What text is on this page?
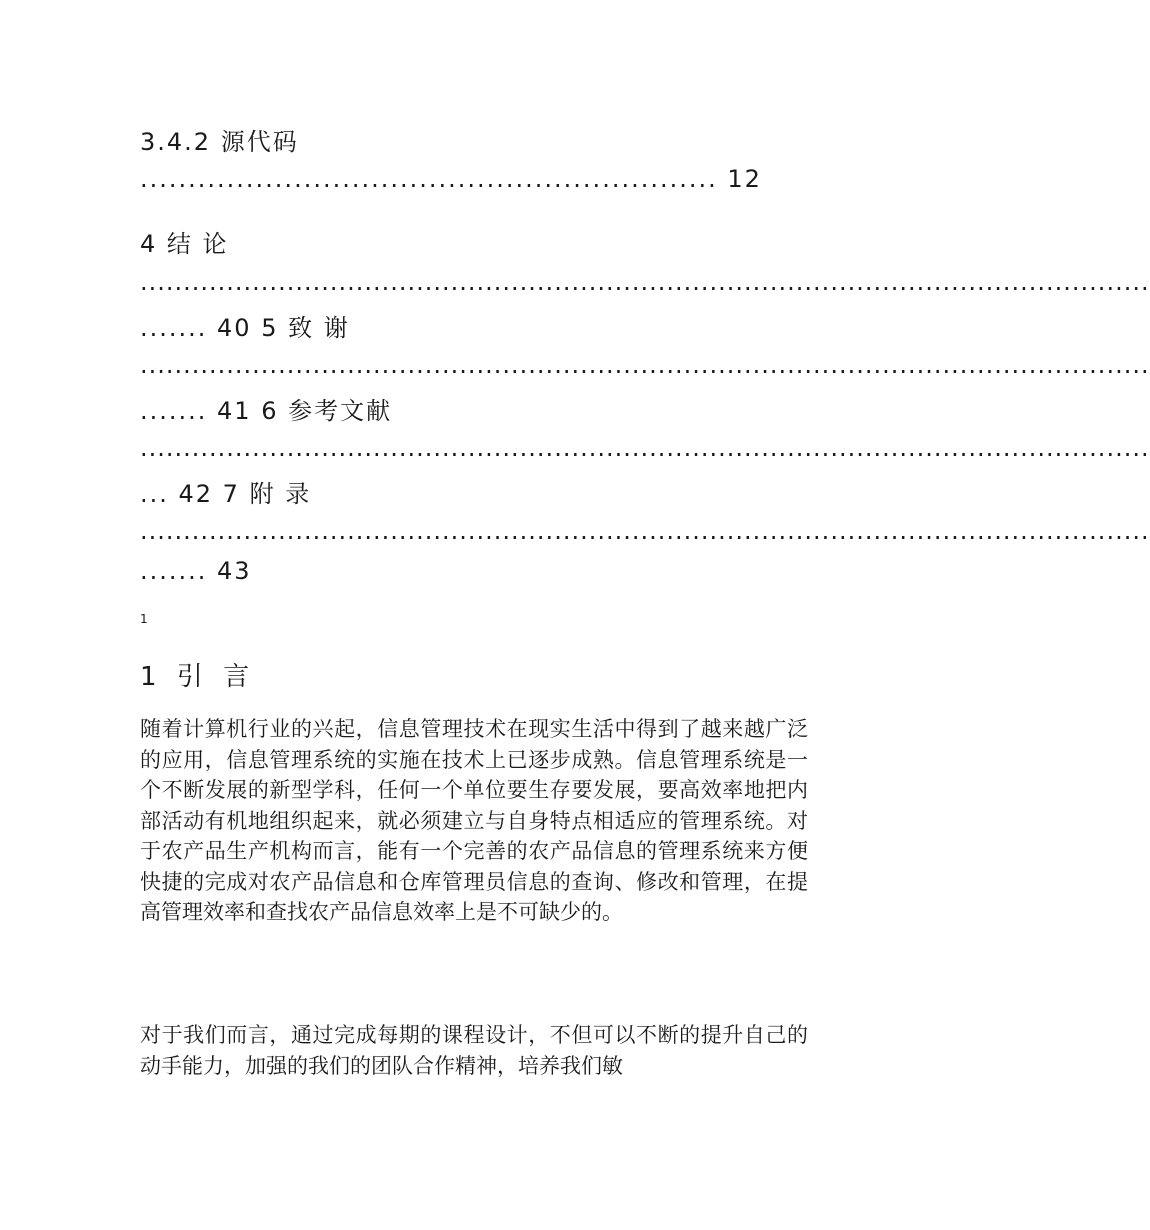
3.4.2 源代码
............................................................ 12
4 结 论
.....................................................................................................................
....... 40 5 致 谢
.....................................................................................................................
....... 41 6 参考文献
.....................................................................................................................
... 42 7 附 录
.....................................................................................................................
....... 43
1
1 引 言

随着计算机行业的兴起，信息管理技术在现实生活中得到了越来越广泛的应用，信息管理系统的实施在技术上已逐步成熟。信息管理系统是一个不断发展的新型学科，任何一个单位要生存要发展，要高效率地把内部活动有机地组织起来，就必须建立与自身特点相适应的管理系统。对于农产品生产机构而言，能有一个完善的农产品信息的管理系统来方便快捷的完成对农产品信息和仓库管理员信息的查询、修改和管理，在提高管理效率和查找农产品信息效率上是不可缺少的。

对于我们而言，通过完成每期的课程设计，不但可以不断的提升自己的动手能力，加强的我们的团队合作精神，培养我们敏
